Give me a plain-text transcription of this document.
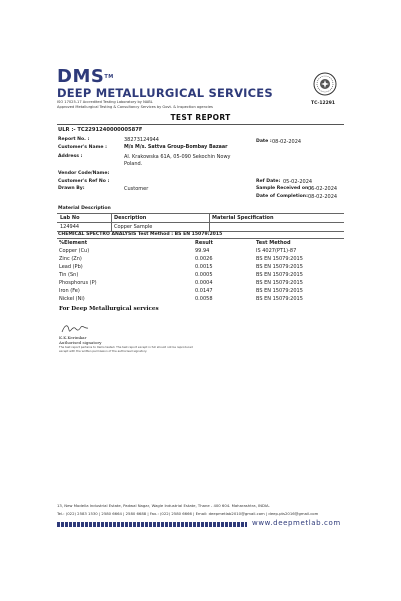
DMS™
DEEP METALLURGICAL SERVICES
ISO 17025-17 Accredited Testing Laboratory by NABL
Approved Metallurgical Testing & Consultancy Services by Govt. & Inspection agencies
TC-12291
TEST REPORT
ULR :- TC229124000000587F
Report No. :	38273124944	Date : 08-02-2024
Customer's Name :	M/s M/s. Sattva Group-Bombay Bazaar
Address :	Al. Krakowska 61A, 05-090 Sekochin Nowy
Poland.
Vendor Code/Name:
Customer's Ref No :	Ref Date: 05-02-2024
Drawn By:	Customer	Sample Received on :
06-02-2024
Date of Completion: 08-02-2024
Material Description
Lab No	Description	Material Specification
124944	Copper Sample
CHEMICAL SPECTRO ANALYSIS Test Method : BS EN 15079:2015
%Element	Result	Test Method
Copper (Cu)	99.94	IS 4027(PT1)-87
Zinc (Zn)	0.0026	BS EN 15079:2015
Lead (Pb)	0.0015	BS EN 15079:2015
Tin (Sn)	0.0005	BS EN 15079:2015
Phosphorus (P)	0.0004	BS EN 15079:2015
Iron (Fe)	0.0147	BS EN 15079:2015
Nickel (Ni)	0.0058	BS EN 15079:2015
For Deep Metallurgical services
K.K.Kerimkar
Authorised signatory
The test report pertains to items tested. The test report except in full should not be reproduced
except with the written permission of the authorised signatory.
13, New Modella Industrial Estate, Padwal Nagar, Wagle Industrial Estate, Thane - 400 604. Maharashtra, INDIA.
Tel.: (022) 2583 1530 | 2580 6664 | 2580 6688 | Fax.: (022) 2580 6666 | Email: deepmetlab2010@gmail.com | deep.pts2016@gmail.com
www.deepmetlab.com
